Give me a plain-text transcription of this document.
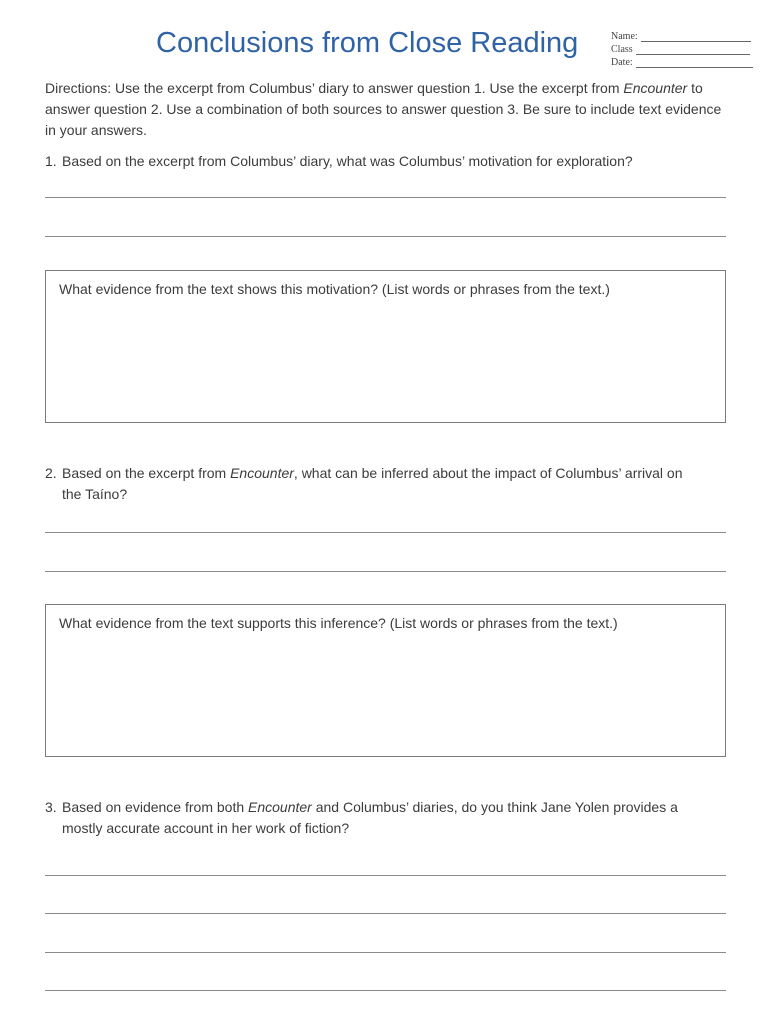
Conclusions from Close Reading	Name:
Class
Date:
Directions: Use the excerpt from Columbus’ diary to answer question 1. Use the excerpt from Encounter to answer question 2. Use a combination of both sources to answer question 3. Be sure to include text evidence in your answers.
1. Based on the excerpt from Columbus’ diary, what was Columbus’ motivation for exploration?
What evidence from the text shows this motivation? (List words or phrases from the text.)
2. Based on the excerpt from Encounter, what can be inferred about the impact of Columbus’ arrival on
the Taíno?
What evidence from the text supports this inference? (List words or phrases from the text.)
3. Based on evidence from both Encounter and Columbus’ diaries, do you think Jane Yolen provides a
mostly accurate account in her work of fiction?
